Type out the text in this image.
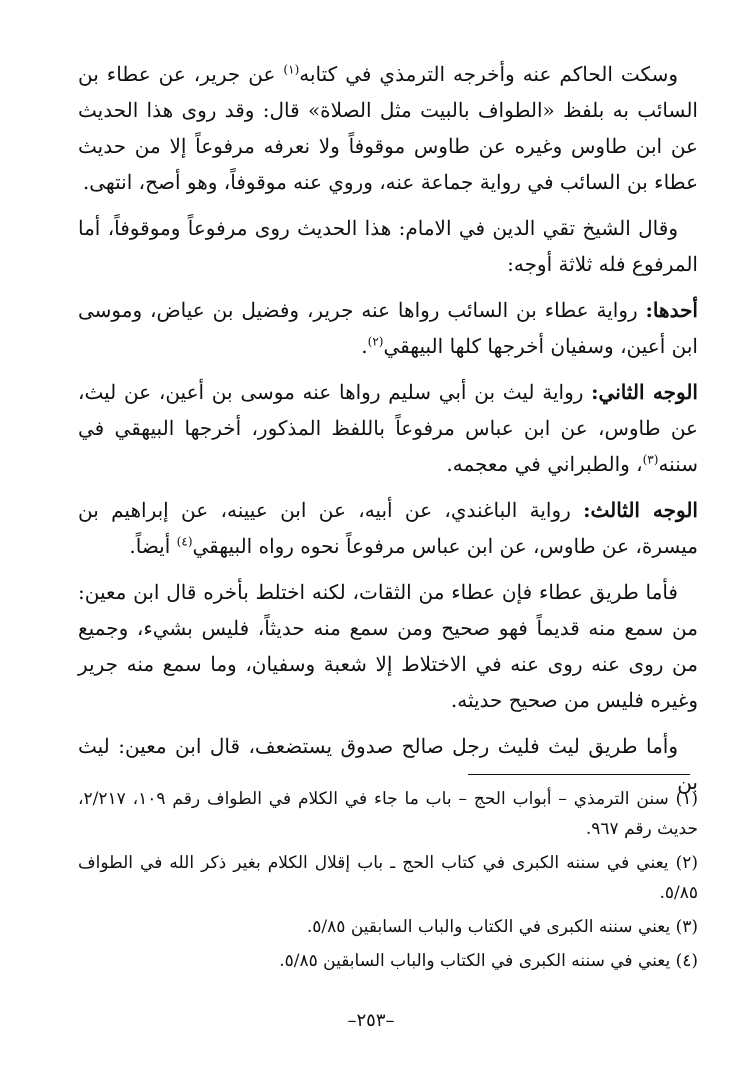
وسكت الحاكم عنه وأخرجه الترمذي في كتابه$^{(١)}$ عن جرير، عن عطاء بن السائب به بلفظ «الطواف بالبيت مثل الصلاة» قال: وقد روى هذا الحديث عن ابن طاوس وغيره عن طاوس موقوفاً ولا نعرفه مرفوعاً إلا من حديث عطاء بن السائب في رواية جماعة عنه، وروي عنه موقوفاً، وهو أصح، انتهى.

وقال الشيخ تقي الدين في الامام: هذا الحديث روى مرفوعاً وموقوفاً، أما المرفوع فله ثلاثة أوجه:

أحدها: رواية عطاء بن السائب رواها عنه جرير، وفضيل بن عياض، وموسى ابن أعين، وسفيان أخرجها كلها البيهقي$^{(٢)}$.

الوجه الثاني: رواية ليث بن أبي سليم رواها عنه موسى بن أعين، عن ليث، عن طاوس، عن ابن عباس مرفوعاً باللفظ المذكور، أخرجها البيهقي في سننه$^{(٣)}$، والطبراني في معجمه.

الوجه الثالث: رواية الباغندي، عن أبيه، عن ابن عيينه، عن إبراهيم بن ميسرة، عن طاوس، عن ابن عباس مرفوعاً نحوه رواه البيهقي$^{(٤)}$ أيضاً.

فأما طريق عطاء فإن عطاء من الثقات، لكنه اختلط بأخره قال ابن معين: من سمع منه قديماً فهو صحيح ومن سمع منه حديثاً، فليس بشيء، وجميع من روى عنه روى عنه في الاختلاط إلا شعبة وسفيان، وما سمع منه جرير وغيره فليس من صحيح حديثه.

وأما طريق ليث فليث رجل صالح صدوق يستضعف، قال ابن معين: ليث بن

(١) سنن الترمذي – أبواب الحج – باب ما جاء في الكلام في الطواف رقم ١٠٩، ٢/٢١٧، حديث رقم ٩٦٧.

(٢) يعني في سننه الكبرى في كتاب الحج ـ باب إقلال الكلام بغير ذكر الله في الطواف ٥/٨٥.

(٣) يعني سننه الكبرى في الكتاب والباب السابقين ٥/٨٥.

(٤) يعني في سننه الكبرى في الكتاب والباب السابقين ٥/٨٥.

–٢٥٣–
